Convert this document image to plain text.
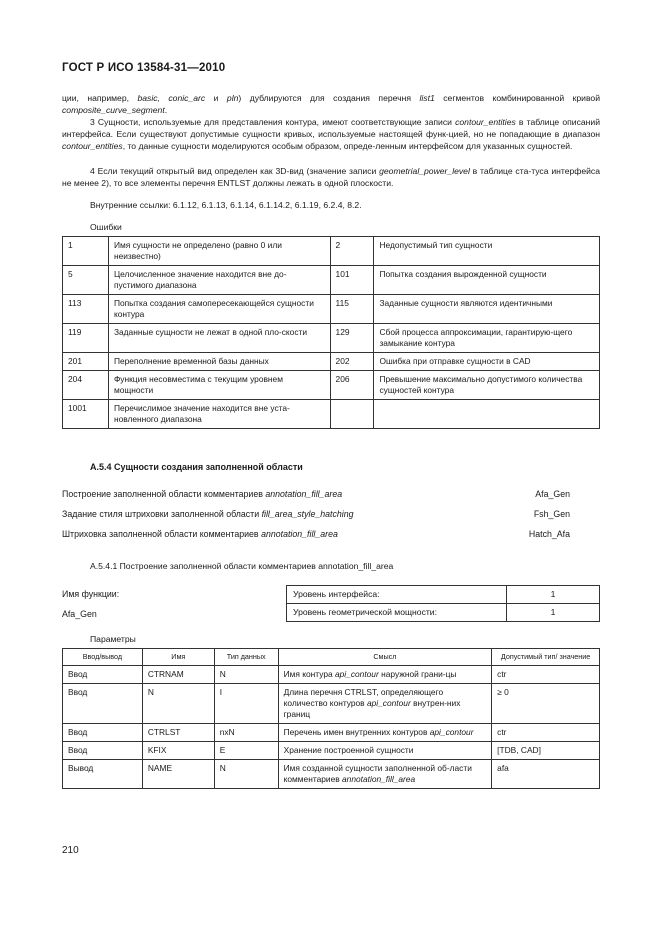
ГОСТ Р ИСО 13584-31—2010
ции, например, basic, conic_arc и pln) дублируются для создания перечня list1 сегментов комбинированной кривой composite_curve_segment.
3 Сущности, используемые для представления контура, имеют соответствующие записи contour_entities в таблице описаний интерфейса. Если существуют допустимые сущности кривых, используемые настоящей функ-цией, но не попадающие в диапазон contour_entities, то данные сущности моделируются особым образом, опреде-ленным интерфейсом для указанных сущностей.
4 Если текущий открытый вид определен как 3D-вид (значение записи geometrial_power_level в таблице ста-туса интерфейса не менее 2), то все элементы перечня ENTLST должны лежать в одной плоскости.
Внутренние ссылки: 6.1.12, 6.1.13, 6.1.14, 6.1.14.2, 6.1.19, 6.2.4, 8.2.
Ошибки
1	Имя сущности не определено (равно 0 или неизвестно)	2	Недопустимый тип сущности
5	Целочисленное значение находится вне до-пустимого диапазона	101	Попытка создания вырожденной сущности
113	Попытка создания самопересекающейся сущности контура	115	Заданные сущности являются идентичными
119	Заданные сущности не лежат в одной пло-скости	129	Сбой процесса аппроксимации, гарантирую-щего замыкание контура
201	Переполнение временной базы данных	202	Ошибка при отправке сущности в CAD
204	Функция несовместима с текущим уровнем мощности	206	Превышение максимально допустимого количества сущностей контура
1001	Перечислимое значение находится вне уста-новленного диапазона		
А.5.4 Сущности создания заполненной области
Построение заполненной области комментариев annotation_fill_area	Afa_Gen
Задание стиля штриховки заполненной области fill_area_style_hatching	Fsh_Gen
Штриховка заполненной области комментариев annotation_fill_area	Hatch_Afa
А.5.4.1 Построение заполненной области комментариев annotation_fill_area
Имя функции:
Afa_Gen
Уровень интерфейса:	1
Уровень геометрической мощности:	1
Параметры
Ввод/вывод	Имя	Тип данных	Смысл	Допустимый тип/ значение
Ввод	CTRNAM	N	Имя контура api_contour наружной грани-цы	ctr
Ввод	N	I	Длина перечня CTRLST, определяющего количество контуров api_contour внутрен-них границ	≥ 0
Ввод	CTRLST	nxN	Перечень имен внутренних контуров api_contour	ctr
Ввод	KFIX	E	Хранение построенной сущности	[TDB, CAD]
Вывод	NAME	N	Имя созданной сущности заполненной об-ласти комментариев annotation_fill_area	afa
210
